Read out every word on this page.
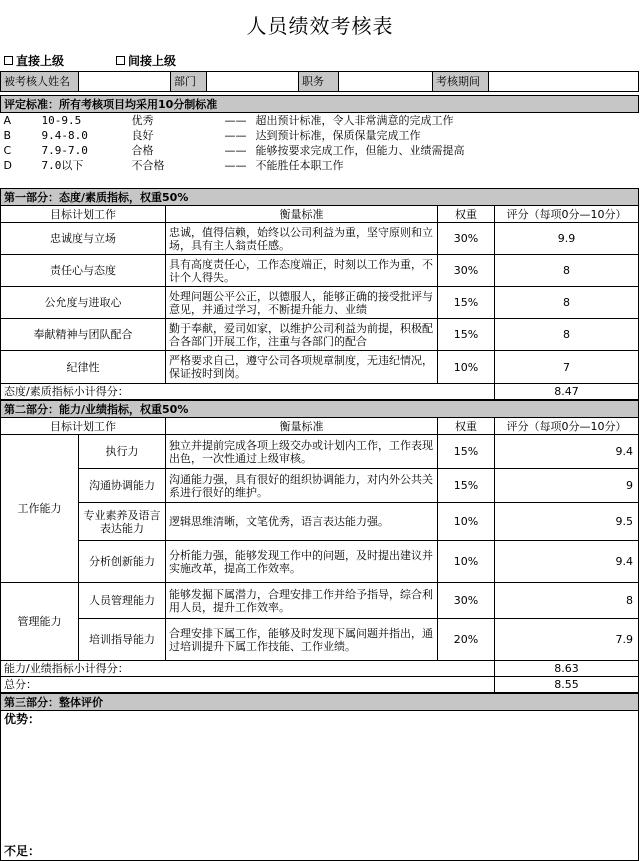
人员绩效考核表
直接上级	间接上级
被考核人姓名		部门		职务		考核期间	
评定标准：所有考核项目均采用10分制标准				
A	10-9.5	优秀	——	超出预计标准，令人非常满意的完成工作
B	9.4-8.0	良好	——	达到预计标准，保质保量完成工作
C	7.9-7.0	合格	——	能够按要求完成工作，但能力、业绩需提高
D	7.0以下	不合格	——	不能胜任本职工作
第一部分：态度/素质指标，权重50%			
目标计划工作	衡量标准	权重	评分（每项0分—10分）
忠诚度与立场	忠诚，值得信赖，始终以公司利益为重，坚守原则和立场，具有主人翁责任感。	30%	9.9
责任心与态度	具有高度责任心，工作态度端正，时刻以工作为重，不计个人得失。	30%	8
公允度与进取心	处理问题公平公正，以德服人，能够正确的接受批评与意见，并通过学习，不断提升能力、业绩	15%	8
奉献精神与团队配合	勤于奉献，爱司如家，以维护公司利益为前提，积极配合各部门开展工作，注重与各部门的配合	15%	8
纪律性	严格要求自己，遵守公司各项规章制度，无违纪情况，保证按时到岗。	10%	7
态度/素质指标小计得分：			8.47
第二部分：能力/业绩指标，权重50%				
目标计划工作		衡量标准	权重	评分（每项0分—10分）
工作能力	执行力	独立并提前完成各项上级交办或计划内工作，工作表现出色，一次性通过上级审核。	15%	9.4
	沟通协调能力	沟通能力强，具有很好的组织协调能力，对内外公共关系进行很好的维护。	15%	9
	专业素养及语言表达能力	逻辑思维清晰，文笔优秀，语言表达能力强。	10%	9.5
	分析创新能力	分析能力强，能够发现工作中的问题，及时提出建议并实施改革，提高工作效率。	10%	9.4
管理能力	人员管理能力	能够发掘下属潜力，合理安排工作并给予指导，综合利用人员，提升工作效率。	30%	8
	培训指导能力	合理安排下属工作，能够及时发现下属问题并指出，通过培训提升下属工作技能、工作业绩。	20%	7.9
能力/业绩指标小计得分：				8.63
总分：				8.55
第三部分：整体评价

优势：
不足：
